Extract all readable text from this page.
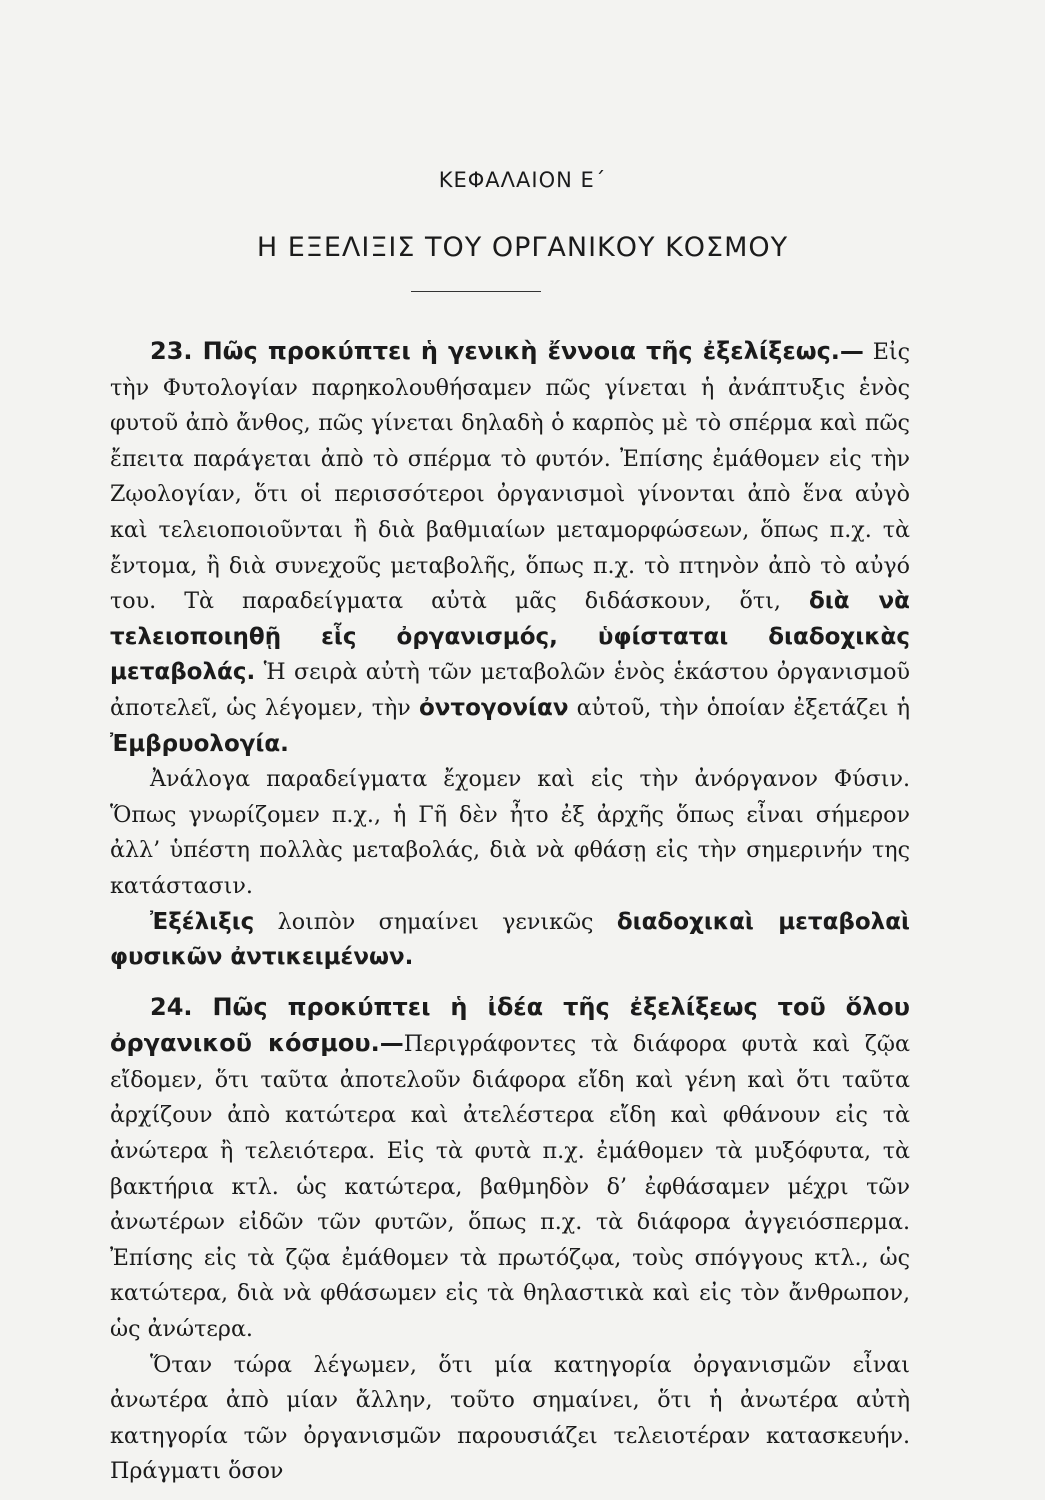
ΚΕΦΑΛΑΙΟΝ Ε΄
Η ΕΞΕΛΙΞΙΣ ΤΟΥ ΟΡΓΑΝΙΚΟΥ ΚΟΣΜΟΥ

23. Πῶς προκύπτει ἡ γενικὴ ἔννοια τῆς ἐξελίξεως.— Εἰς τὴν Φυτολογίαν παρηκολουθήσαμεν πῶς γίνεται ἡ ἀνάπτυξις ἑνὸς φυτοῦ ἀπὸ ἄνθος, πῶς γίνεται δηλαδὴ ὁ καρπὸς μὲ τὸ σπέρμα καὶ πῶς ἔπειτα παράγεται ἀπὸ τὸ σπέρμα τὸ φυτόν. Ἐπίσης ἐμάθομεν εἰς τὴν Ζῳολογίαν, ὅτι οἱ περισσότεροι ὀργανισμοὶ γίνονται ἀπὸ ἕνα αὐγὸ καὶ τελειοποιοῦνται ἢ διὰ βαθμιαίων μεταμορφώσεων, ὅπως π.χ. τὰ ἔντομα, ἢ διὰ συνεχοῦς μεταβολῆς, ὅπως π.χ. τὸ πτηνὸν ἀπὸ τὸ αὐγό του. Τὰ παραδείγματα αὐτὰ μᾶς διδάσκουν, ὅτι, διὰ νὰ τελειοποιηθῇ εἷς ὀργανισμός, ὑφίσταται διαδοχικὰς μεταβολάς. Ἡ σειρὰ αὐτὴ τῶν μεταβολῶν ἑνὸς ἑκάστου ὀργανισμοῦ ἀποτελεῖ, ὡς λέγομεν, τὴν ὀντογονίαν αὐτοῦ, τὴν ὁποίαν ἐξετάζει ἡ Ἐμβρυολογία.

Ἀνάλογα παραδείγματα ἔχομεν καὶ εἰς τὴν ἀνόργανον Φύσιν. Ὅπως γνωρίζομεν π.χ., ἡ Γῆ δὲν ἦτο ἐξ ἀρχῆς ὅπως εἶναι σήμερον ἀλλ’ ὑπέστη πολλὰς μεταβολάς, διὰ νὰ φθάσῃ εἰς τὴν σημερινήν της κατάστασιν.

Ἐξέλιξις λοιπὸν σημαίνει γενικῶς διαδοχικαὶ μεταβολαὶ φυσικῶν ἀντικειμένων.

24. Πῶς προκύπτει ἡ ἰδέα τῆς ἐξελίξεως τοῦ ὅλου ὀργανικοῦ κόσμου.—Περιγράφοντες τὰ διάφορα φυτὰ καὶ ζῷα εἴδομεν, ὅτι ταῦτα ἀποτελοῦν διάφορα εἴδη καὶ γένη καὶ ὅτι ταῦτα ἀρχίζουν ἀπὸ κατώτερα καὶ ἀτελέστερα εἴδη καὶ φθάνουν εἰς τὰ ἀνώτερα ἢ τελειότερα. Εἰς τὰ φυτὰ π.χ. ἐμάθομεν τὰ μυξόφυτα, τὰ βακτήρια κτλ. ὡς κατώτερα, βαθμηδὸν δ’ ἐφθάσαμεν μέχρι τῶν ἀνωτέρων εἰδῶν τῶν φυτῶν, ὅπως π.χ. τὰ διάφορα ἀγγειόσπερμα. Ἐπίσης εἰς τὰ ζῷα ἐμάθομεν τὰ πρωτόζῳα, τοὺς σπόγγους κτλ., ὡς κατώτερα, διὰ νὰ φθάσωμεν εἰς τὰ θηλαστικὰ καὶ εἰς τὸν ἄνθρωπον, ὡς ἀνώτερα.

Ὅταν τώρα λέγωμεν, ὅτι μία κατηγορία ὀργανισμῶν εἶναι ἀνωτέρα ἀπὸ μίαν ἄλλην, τοῦτο σημαίνει, ὅτι ἡ ἀνωτέρα αὐτὴ κατηγορία τῶν ὀργανισμῶν παρουσιάζει τελειοτέραν κατασκευήν. Πράγματι ὅσον
